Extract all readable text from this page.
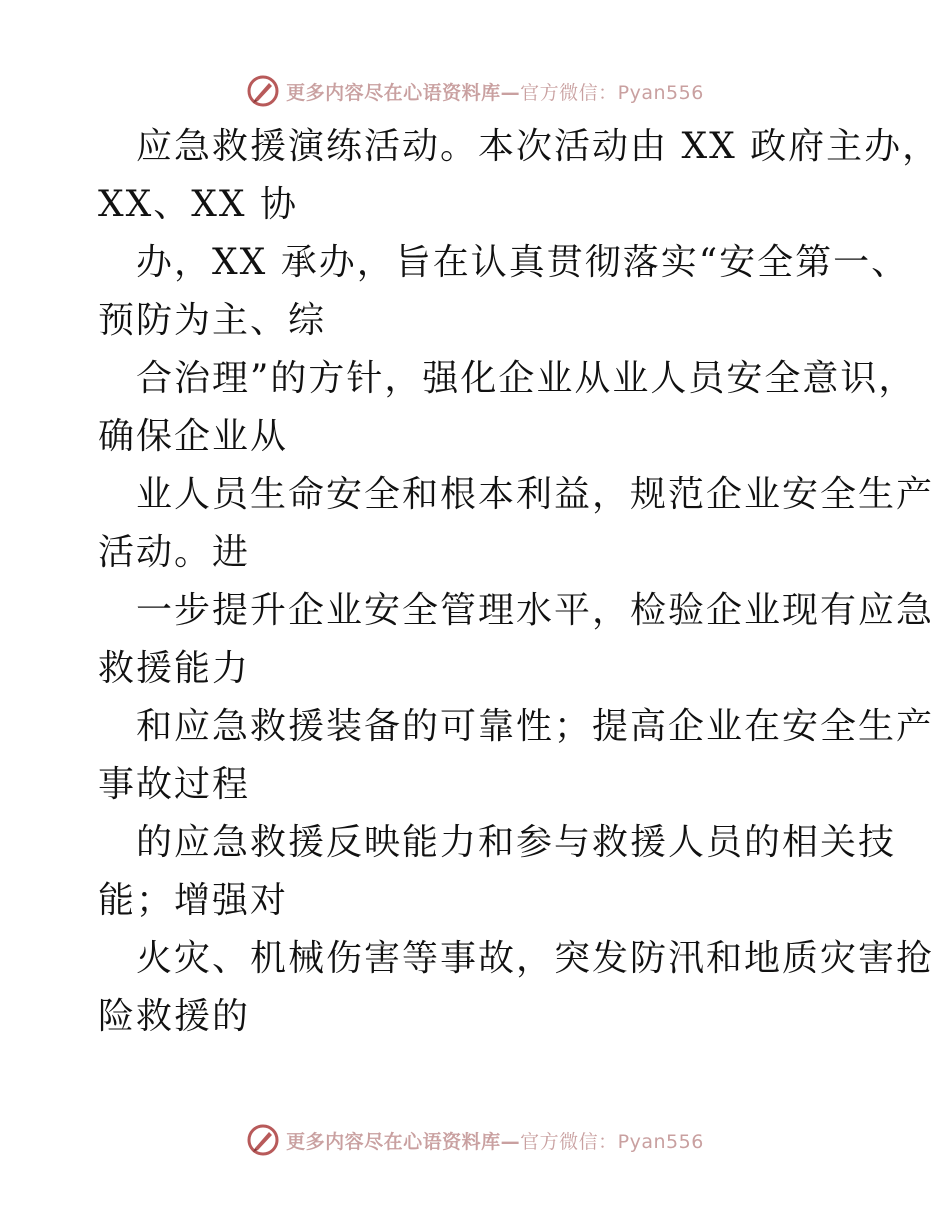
更多内容尽在心语资料库—官方微信：Pyan556
应急救援演练活动。本次活动由 XX 政府主办，
XX、XX 协
办，XX 承办，旨在认真贯彻落实“安全第一、
预防为主、综
合治理”的方针，强化企业从业人员安全意识，
确保企业从
业人员生命安全和根本利益，规范企业安全生产
活动。进
一步提升企业安全管理水平，检验企业现有应急
救援能力
和应急救援装备的可靠性；提高企业在安全生产
事故过程
的应急救援反映能力和参与救援人员的相关技
能；增强对
火灾、机械伤害等事故，突发防汛和地质灾害抢
险救援的
更多内容尽在心语资料库—官方微信：Pyan556
